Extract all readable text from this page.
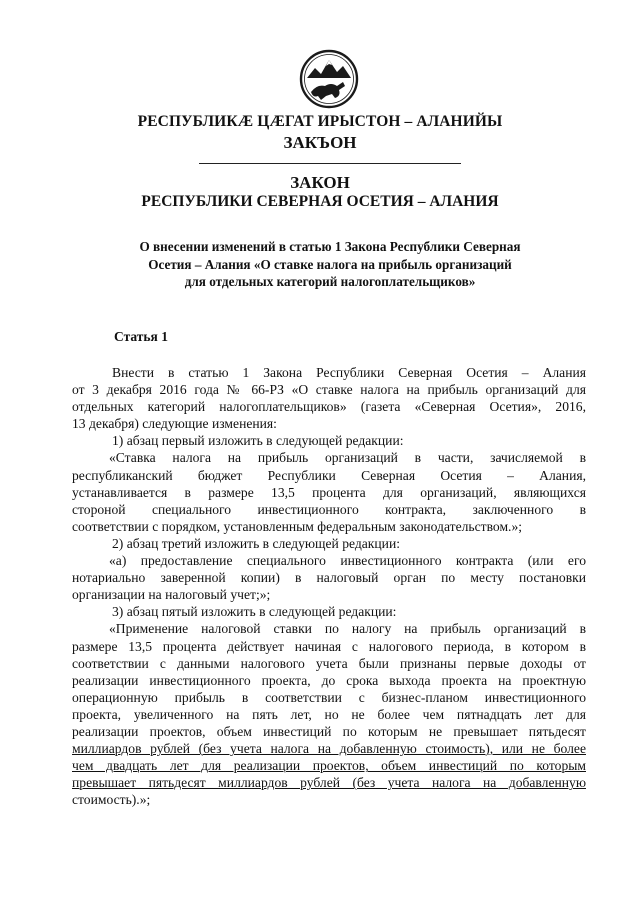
РЕСПУБЛИКӔ ЦӔГАТ ИРЫСТОН – АЛАНИЙЫ
ЗАКЪОН
ЗАКОН
РЕСПУБЛИКИ СЕВЕРНАЯ ОСЕТИЯ – АЛАНИЯ
О внесении изменений в статью 1 Закона Республики Северная
Осетия – Алания «О ставке налога на прибыль организаций
для отдельных категорий налогоплательщиков»
Статья 1
Внести в статью 1 Закона Республики Северная Осетия – Алания
от 3 декабря 2016 года № 66-РЗ «О ставке налога на прибыль организаций для
отдельных категорий налогоплательщиков» (газета «Северная Осетия», 2016,
13 декабря) следующие изменения:
1) абзац первый изложить в следующей редакции:
«Ставка налога на прибыль организаций в части, зачисляемой в
республиканский бюджет Республики Северная Осетия – Алания,
устанавливается в размере 13,5 процента для организаций, являющихся
стороной специального инвестиционного контракта, заключенного в
соответствии с порядком, установленным федеральным законодательством.»;
2) абзац третий изложить в следующей редакции:
«а) предоставление специального инвестиционного контракта (или его
нотариально заверенной копии) в налоговый орган по месту постановки
организации на налоговый учет;»;
3) абзац пятый изложить в следующей редакции:
«Применение налоговой ставки по налогу на прибыль организаций в
размере 13,5 процента действует начиная с налогового периода, в котором в
соответствии с данными налогового учета были признаны первые доходы от
реализации инвестиционного проекта, до срока выхода проекта на проектную
операционную прибыль в соответствии с бизнес-планом инвестиционного
проекта, увеличенного на пять лет, но не более чем пятнадцать лет для
реализации проектов, объем инвестиций по которым не превышает пятьдесят
миллиардов рублей (без учета налога на добавленную стоимость), или не более
чем двадцать лет для реализации проектов, объем инвестиций по которым
превышает пятьдесят миллиардов рублей (без учета налога на добавленную
стоимость).»;
